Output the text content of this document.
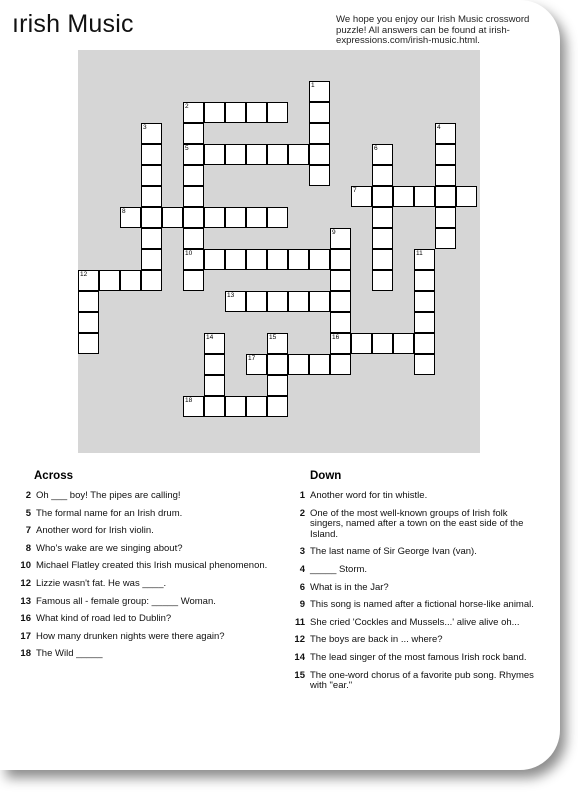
ırish Music	We hope you enjoy our Irish Music crossword puzzle! All answers can be found at irish-expressions.com/irish-music.html.
1
2
5
10
3	4
6
7
8
9
16
11
12
13
14	15
17
18
Across
2 Oh ___ boy! The pipes are calling!
5 The formal name for an Irish drum.
7 Another word for Irish violin.
8 Who's wake are we singing about?
10 Michael Flatley created this Irish musical phenomenon.
12 Lizzie wasn't fat. He was ____.
13 Famous all - female group: _____ Woman.
16 What kind of road led to Dublin?
17 How many drunken nights were there again?
18 The Wild _____
Down
1 Another word for tin whistle.
2 One of the most well-known groups of Irish folk singers, named after a town on the east side of the Island.
3 The last name of Sir George Ivan (van).
4 _____ Storm.
6 What is in the Jar?
9 This song is named after a fictional horse-like animal.
11 She cried 'Cockles and Mussels...' alive alive oh...
12 The boys are back in ... where?
14 The lead singer of the most famous Irish rock band.
15 The one-word chorus of a favorite pub song. Rhymes with "ear."
